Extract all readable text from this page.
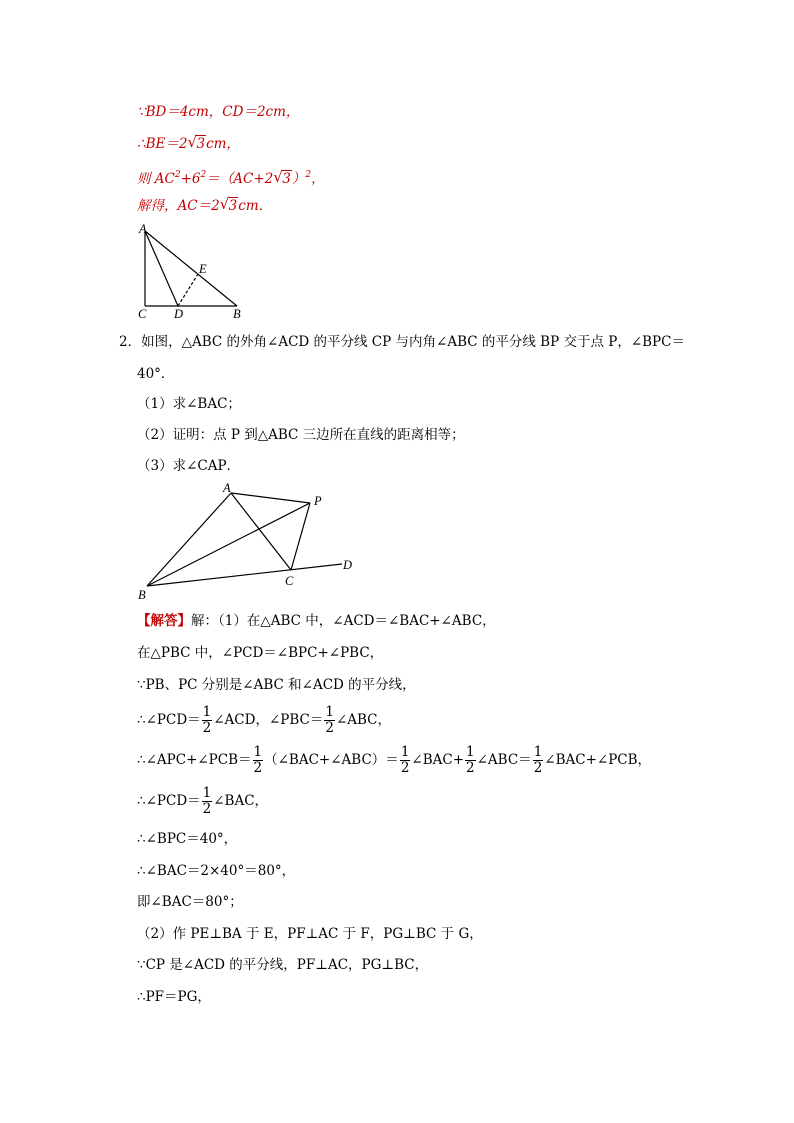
∵BD＝4cm，CD＝2cm，
∴BE＝2 √ 3cm，
则 $AC^2+6^2=(AC+2$ √ 3）$^2$，
解得，AC＝2 √ 3cm．
A
E
C D	B
2．如图，△ABC 的外角∠ACD 的平分线 CP 与内角∠ABC 的平分线 BP 交于点 P，∠BPC＝
40°．
（1）求∠BAC；
（2）证明：点 P 到△ABC 三边所在直线的距离相等；
（3）求∠CAP．
A
P
D
C
B
【解答】解：（1）在△ABC 中，∠ACD＝∠BAC+∠ABC，
在△PBC 中，∠PCD＝∠BPC+∠PBC，
∵PB、PC 分别是∠ABC 和∠ACD 的平分线，
∴∠PCD＝ $\frac{1}{2}$ ∠ACD，∠PBC＝ $\frac{1}{2}$ ∠ABC，
∴∠APC+∠PCB＝ $\frac{1}{2}$ （∠BAC+∠ABC）＝ $\frac{1}{2}$ ∠BAC+ $\frac{1}{2}$ ∠ABC＝ $\frac{1}{2}$ ∠BAC+∠PCB，
∴∠PCD＝ $\frac{1}{2}$ ∠BAC，
∴∠BPC＝40°，
∴∠BAC＝2×40°＝80°，
即∠BAC＝80°；
（2）作 PE⊥BA 于 E，PF⊥AC 于 F，PG⊥BC 于 G，
∵CP 是∠ACD 的平分线，PF⊥AC，PG⊥BC，
∴PF＝PG，
